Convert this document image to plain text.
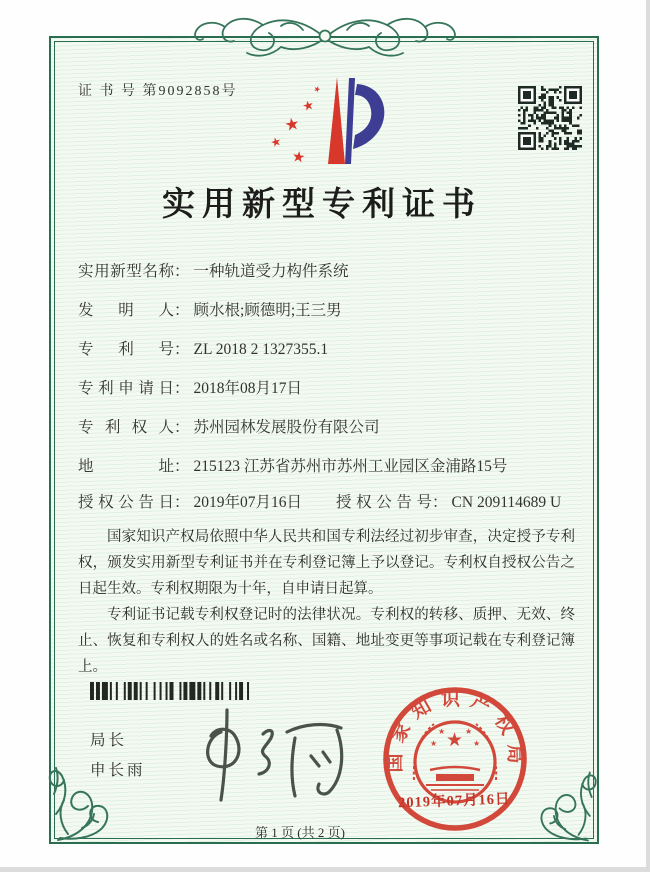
证 书 号 第9092858号
★
★
★
★
★
实用新型专利证书
实用新型名称： 一种轨道受力构件系统
发明人： 顾水根;顾德明;王三男
专利号： ZL 2018 2 1327355.1
专利申请日： 2018年08月17日
专利权人： 苏州园林发展股份有限公司
地址： 215123 江苏省苏州市苏州工业园区金浦路15号
授权公告日： 2019年07月16日 授权公告号： CN 209114689 U

国家知识产权局依照中华人民共和国专利法经过初步审查，决定授予专利权，颁发实用新型专利证书并在专利登记簿上予以登记。专利权自授权公告之日起生效。专利权期限为十年，自申请日起算。

专利证书记载专利权登记时的法律状况。专利权的转移、质押、无效、终止、恢复和专利权人的姓名或名称、国籍、地址变更等事项记载在专利登记簿上。

局长
申长雨	国家知识产权局
★
★
★ ★
★
2019年07月16日
第 1 页 (共 2 页)
